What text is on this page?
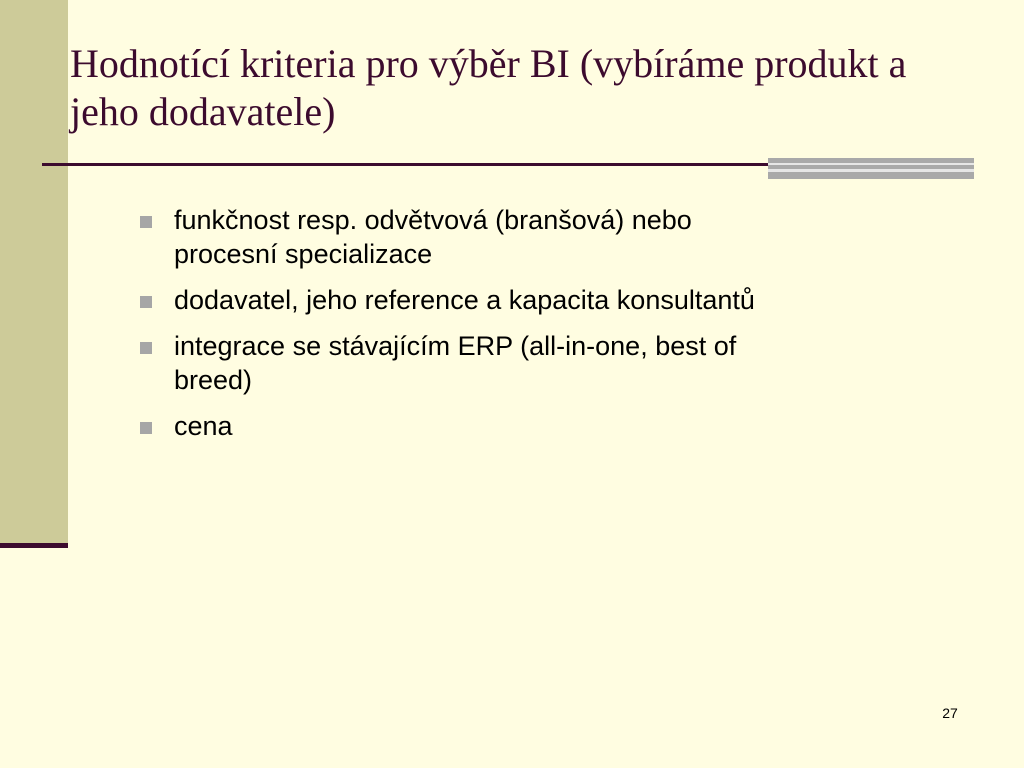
Hodnotící kriteria pro výběr BI (vybíráme produkt a jeho dodavatele)
funkčnost resp. odvětvová (branšová) nebo procesní specializace
dodavatel, jeho reference a kapacita konsultantů
integrace se stávajícím ERP (all-in-one, best of breed)
cena
27
